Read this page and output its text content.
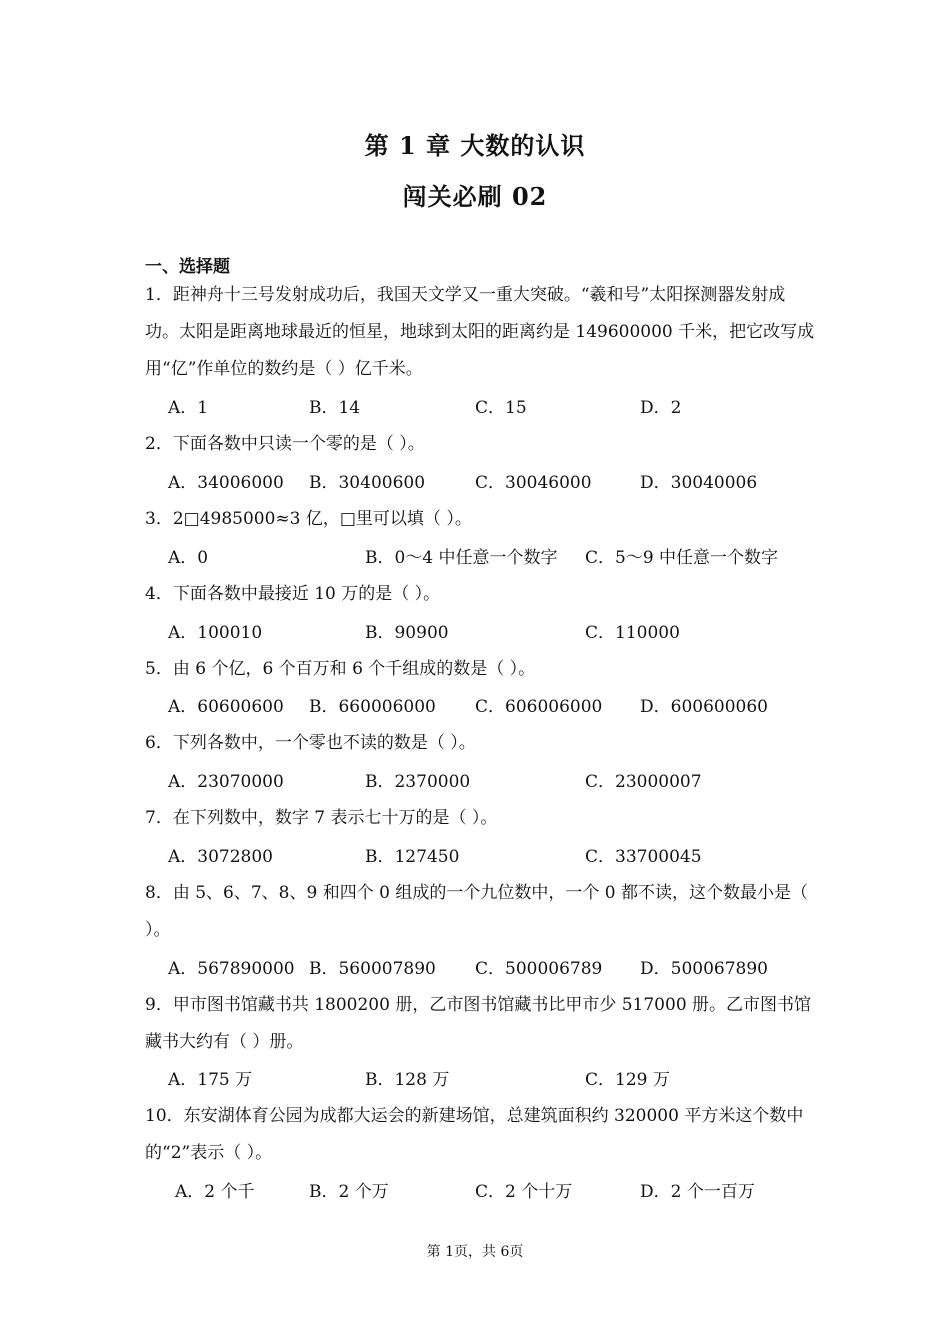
第 1 章 大数的认识
闯关必刷 02
一、选择题
1．距神舟十三号发射成功后，我国天文学又一重大突破。“羲和号”太阳探测器发射成功。太阳是距离地球最近的恒星，地球到太阳的距离约是 149600000 千米，把它改写成用“亿”作单位的数约是（ ）亿千米。
A．1	B．14	C．15	D．2
2．下面各数中只读一个零的是（ ）。
A．34006000 B．30400600	C．30046000	D．30040006
3．2□4985000≈3 亿，□里可以填（ ）。
A．0	B．0～4 中任意一个数字 C．5～9 中任意一个数字
4．下面各数中最接近 10 万的是（ ）。
A．100010	B．90900	C．110000
5．由 6 个亿，6 个百万和 6 个千组成的数是（ ）。
A．60600600 B．660006000 C．606006000 D．600600060
6．下列各数中，一个零也不读的数是（ ）。
A．23070000	B．2370000	C．23000007
7．在下列数中，数字 7 表示七十万的是（ ）。
A．3072800	B．127450	C．33700045
8．由 5、6、7、8、9 和四个 0 组成的一个九位数中，一个 0 都不读，这个数最小是（ ）。
A．567890000 B．560007890 C．500006789 D．500067890
9．甲市图书馆藏书共 1800200 册，乙市图书馆藏书比甲市少 517000 册。乙市图书馆藏书大约有（ ）册。
A．175 万	B．128 万	C．129 万
10．东安湖体育公园为成都大运会的新建场馆，总建筑面积约 320000 平方米这个数中的“2”表示（ ）。
A．2 个千	B．2 个万	C．2 个十万	D．2 个一百万
第 1页，共 6页
